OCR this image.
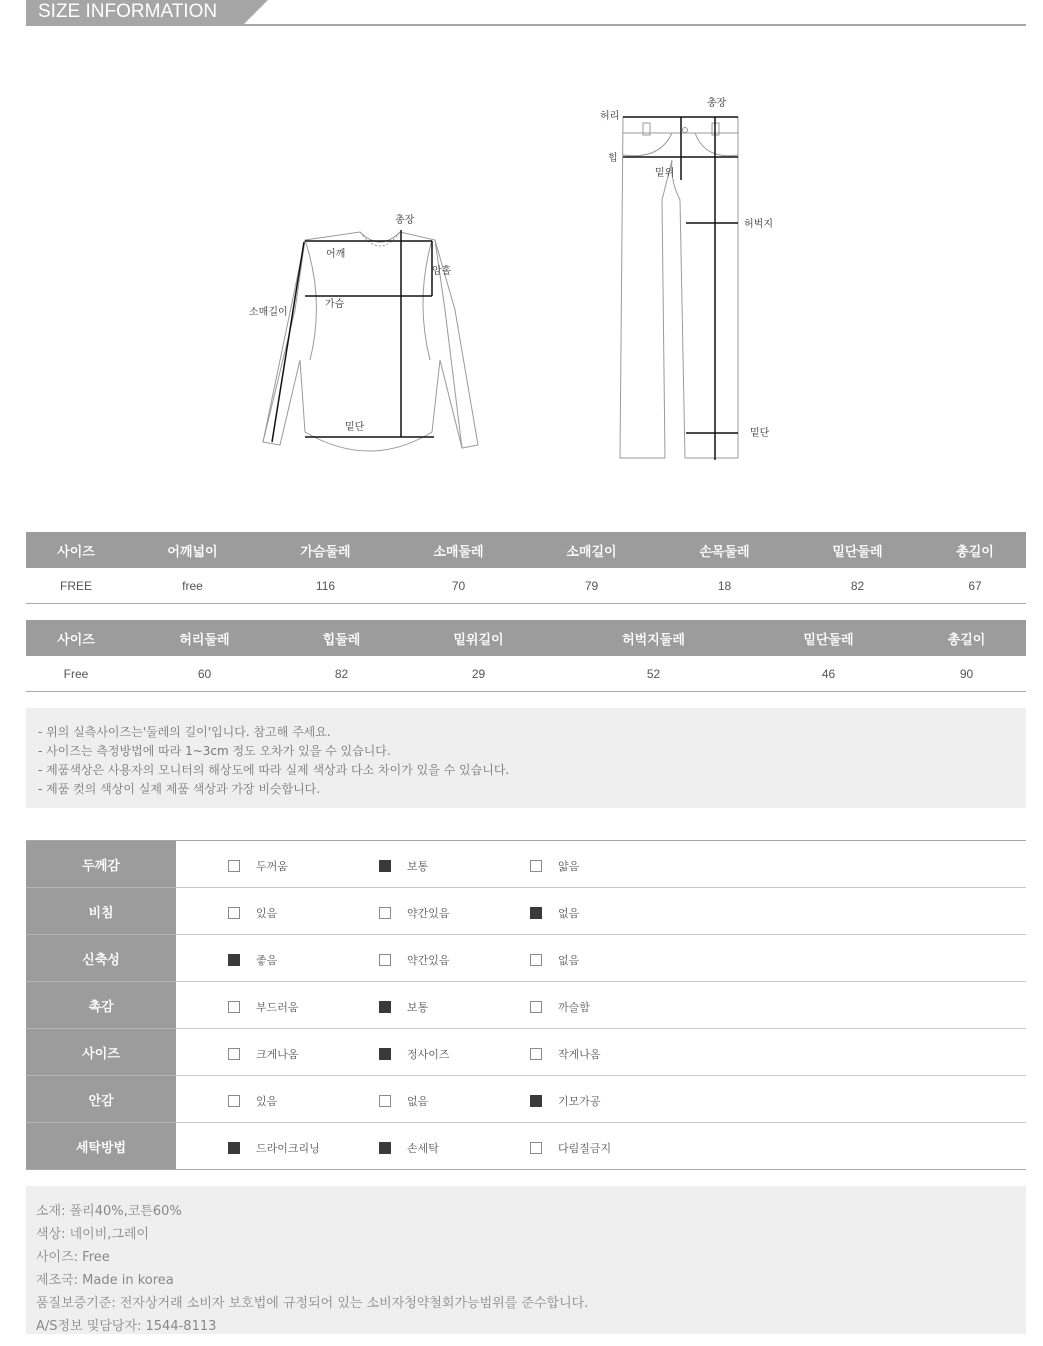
SIZE INFORMATION
총장
어깨
암홀
소매길이
가슴
밑단
총장
허리
힙
밑위
허벅지
밑단
사이즈	어깨넓이	가슴둘레	소매둘레	소매길이	손목둘레	밑단둘레	총길이
FREE	free	116	70	79	18	82	67
사이즈	허리둘레	힙둘레	밑위길이	허벅지둘레	밑단둘레	총길이
Free	60	82	29	52	46	90
- 위의 실측사이즈는'둘레의 길이'입니다. 참고해 주세요.
- 사이즈는 측정방법에 따라 1~3cm 정도 오차가 있을 수 있습니다.
- 제품색상은 사용자의 모니터의 해상도에 따라 실제 색상과 다소 차이가 있을 수 있습니다.
- 제품 컷의 색상이 실제 제품 색상과 가장 비슷합니다.
두께감	두꺼움 보통 얇음

비침	있음 약간있음 없음

신축성	좋음 약간있음 없음

촉감	부드러움 보통 까슬함

사이즈	크게나옴 정사이즈 작게나옴

안감	있음 없음 기모가공

세탁방법	드라이크리닝 손세탁 다림질금지
소재: 폴리40%,코튼60%
색상: 네이비,그레이
사이즈: Free
제조국: Made in korea
품질보증기준: 전자상거래 소비자 보호법에 규정되어 있는 소비자청약철회가능범위를 준수합니다.
A/S정보 및담당자: 1544-8113
